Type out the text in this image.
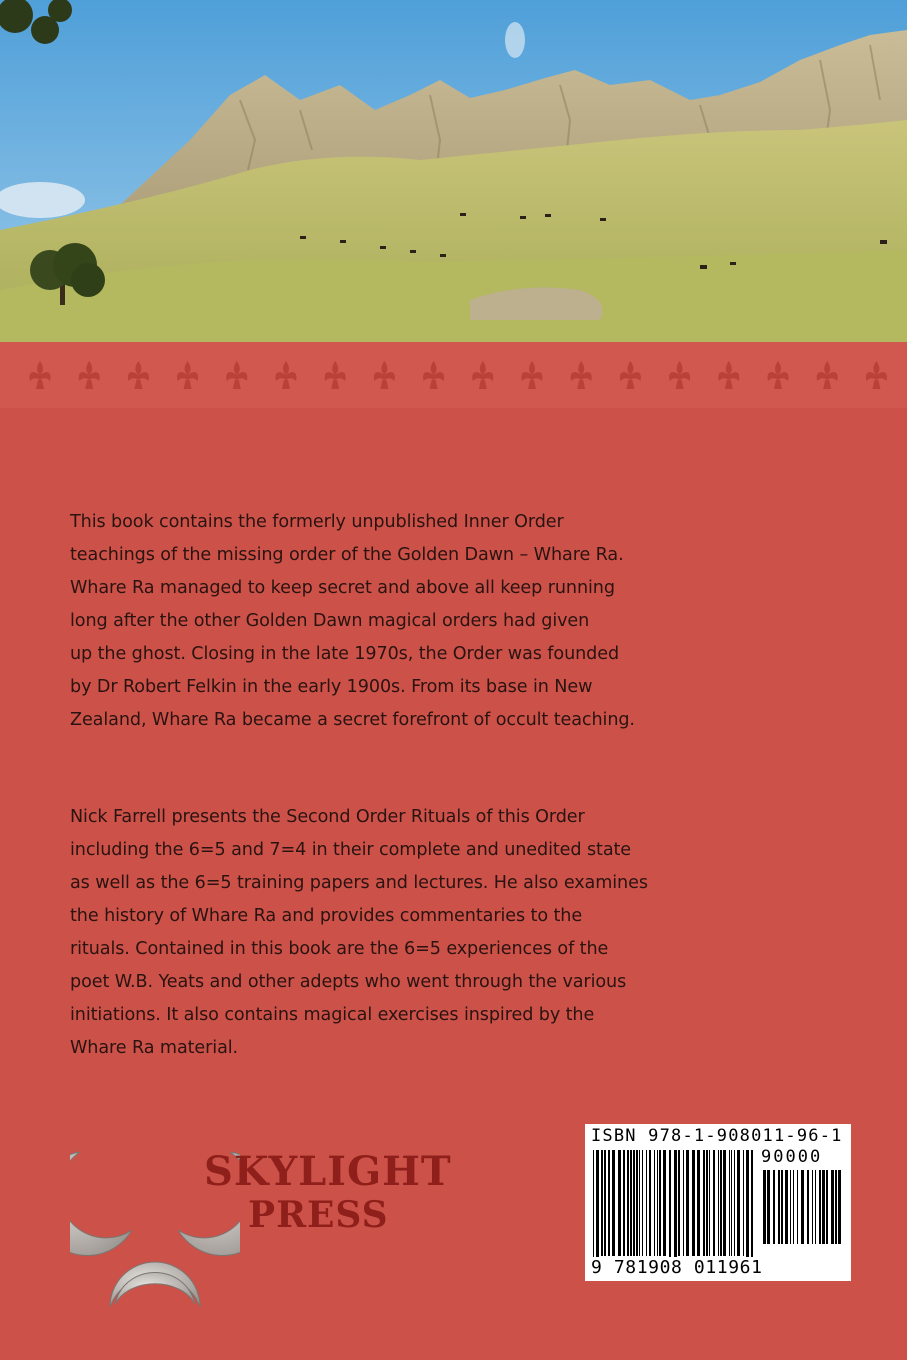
This book contains the formerly unpublished Inner Order
teachings of the missing order of the Golden Dawn – Whare Ra.
Whare Ra managed to keep secret and above all keep running
long after the other Golden Dawn magical orders had given
up the ghost. Closing in the late 1970s, the Order was founded
by Dr Robert Felkin in the early 1900s. From its base in New
Zealand, Whare Ra became a secret forefront of occult teaching.

Nick Farrell presents the Second Order Rituals of this Order
including the 6=5 and 7=4 in their complete and unedited state
as well as the 6=5 training papers and lectures. He also examines
the history of Whare Ra and provides commentaries to the
rituals. Contained in this book are the 6=5 experiences of the
poet W.B. Yeats and other adepts who went through the various
initiations. It also contains magical exercises inspired by the
Whare Ra material.

SKYLIGHT
PRESS
ISBN 978-1-908011-96-1
90000
9 781908 011961
